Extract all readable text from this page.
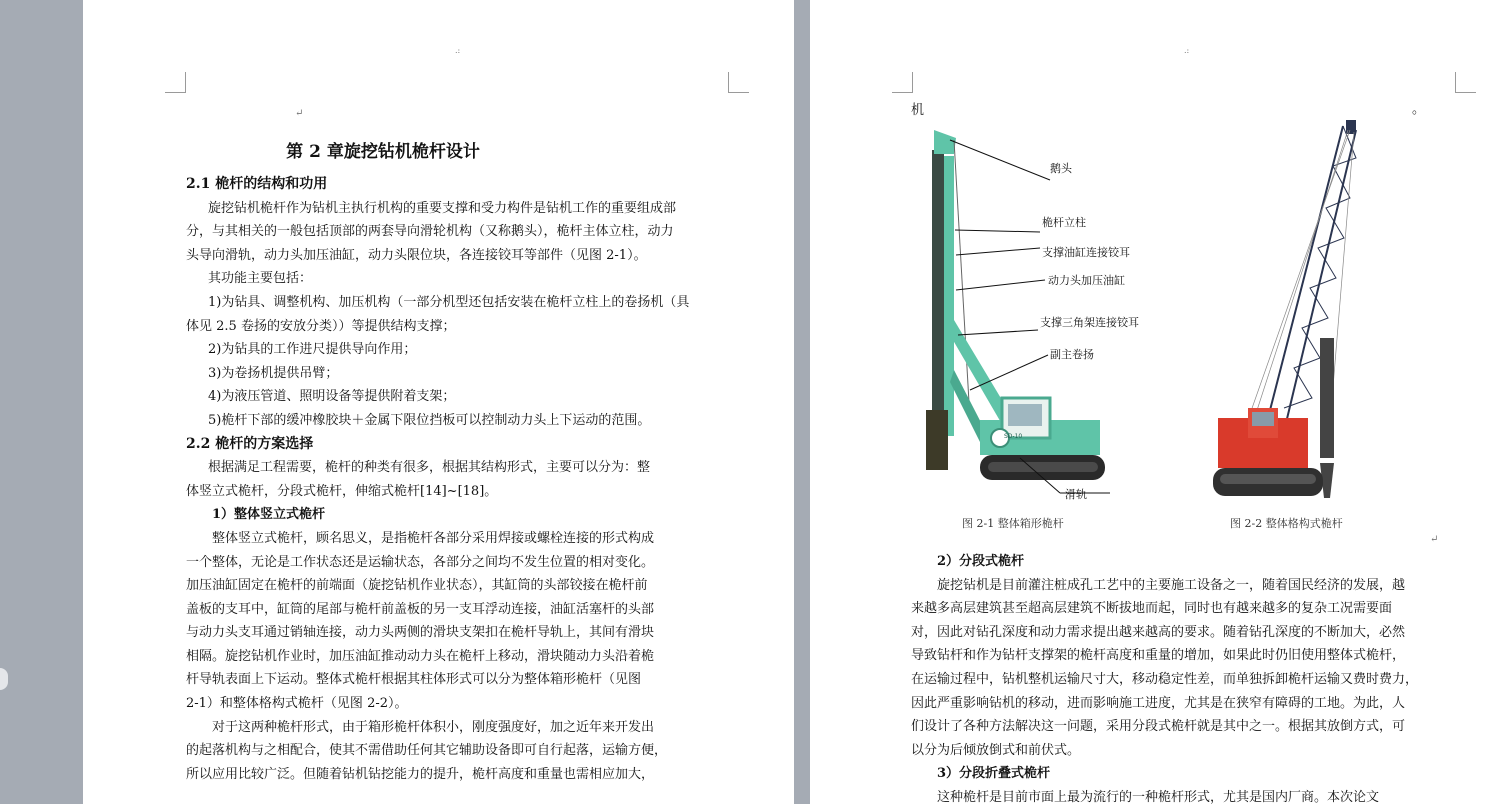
.:
↵
第 2 章旋挖钻机桅杆设计
2.1 桅杆的结构和功用
旋挖钻机桅杆作为钻机主执行机构的重要支撑和受力构件是钻机工作的重要组成部
分，与其相关的一般包括顶部的两套导向滑轮机构（又称鹅头），桅杆主体立柱，动力
头导向滑轨，动力头加压油缸，动力头限位块，各连接铰耳等部件（见图 2-1）。
其功能主要包括：
1)为钻具、调整机构、加压机构（一部分机型还包括安装在桅杆立柱上的卷扬机（具
体见 2.5 卷扬的安放分类））等提供结构支撑；
2)为钻具的工作进尺提供导向作用；
3)为卷扬机提供吊臂；
4)为液压管道、照明设备等提供附着支架；
5)桅杆下部的缓冲橡胶块＋金属下限位挡板可以控制动力头上下运动的范围。
2.2 桅杆的方案选择
根据满足工程需要，桅杆的种类有很多，根据其结构形式，主要可以分为：整
体竖立式桅杆，分段式桅杆，伸缩式桅杆[14]~[18]。
1）整体竖立式桅杆
整体竖立式桅杆，顾名思义，是指桅杆各部分采用焊接或螺栓连接的形式构成
一个整体，无论是工作状态还是运输状态，各部分之间均不发生位置的相对变化。
加压油缸固定在桅杆的前端面（旋挖钻机作业状态），其缸筒的头部铰接在桅杆前
盖板的支耳中，缸筒的尾部与桅杆前盖板的另一支耳浮动连接，油缸活塞杆的头部
与动力头支耳通过销轴连接，动力头两侧的滑块支架扣在桅杆导轨上，其间有滑块
相隔。旋挖钻机作业时，加压油缸推动动力头在桅杆上移动，滑块随动力头沿着桅
杆导轨表面上下运动。整体式桅杆根据其柱体形式可以分为整体箱形桅杆（见图
2-1）和整体格构式桅杆（见图 2-2）。
对于这两种桅杆形式，由于箱形桅杆体积小，刚度强度好，加之近年来开发出
的起落机构与之相配合，使其不需借助任何其它辅助设备即可自行起落，运输方便，
所以应用比较广泛。但随着钻机钻挖能力的提升，桅杆高度和重量也需相应加大，
.:
机	。
SD-10
鹅头
桅杆立柱
支撑油缸连接铰耳
动力头加压油缸
支撑三角架连接铰耳
副主卷扬
滑轨
图 2-1 整体箱形桅杆	图 2-2 整体格构式桅杆
↵
2）分段式桅杆
旋挖钻机是目前灌注桩成孔工艺中的主要施工设备之一，随着国民经济的发展，越
来越多高层建筑甚至超高层建筑不断拔地而起，同时也有越来越多的复杂工况需要面
对，因此对钻孔深度和动力需求提出越来越高的要求。随着钻孔深度的不断加大，必然
导致钻杆和作为钻杆支撑架的桅杆高度和重量的增加，如果此时仍旧使用整体式桅杆，
在运输过程中，钻机整机运输尺寸大，移动稳定性差，而单独拆卸桅杆运输又费时费力，
因此严重影响钻机的移动，进而影响施工进度，尤其是在狭窄有障碍的工地。为此，人
们设计了各种方法解决这一问题，采用分段式桅杆就是其中之一。根据其放倒方式，可
以分为后倾放倒式和前伏式。
3）分段折叠式桅杆
这种桅杆是目前市面上最为流行的一种桅杆形式，尤其是国内厂商。本次论文
